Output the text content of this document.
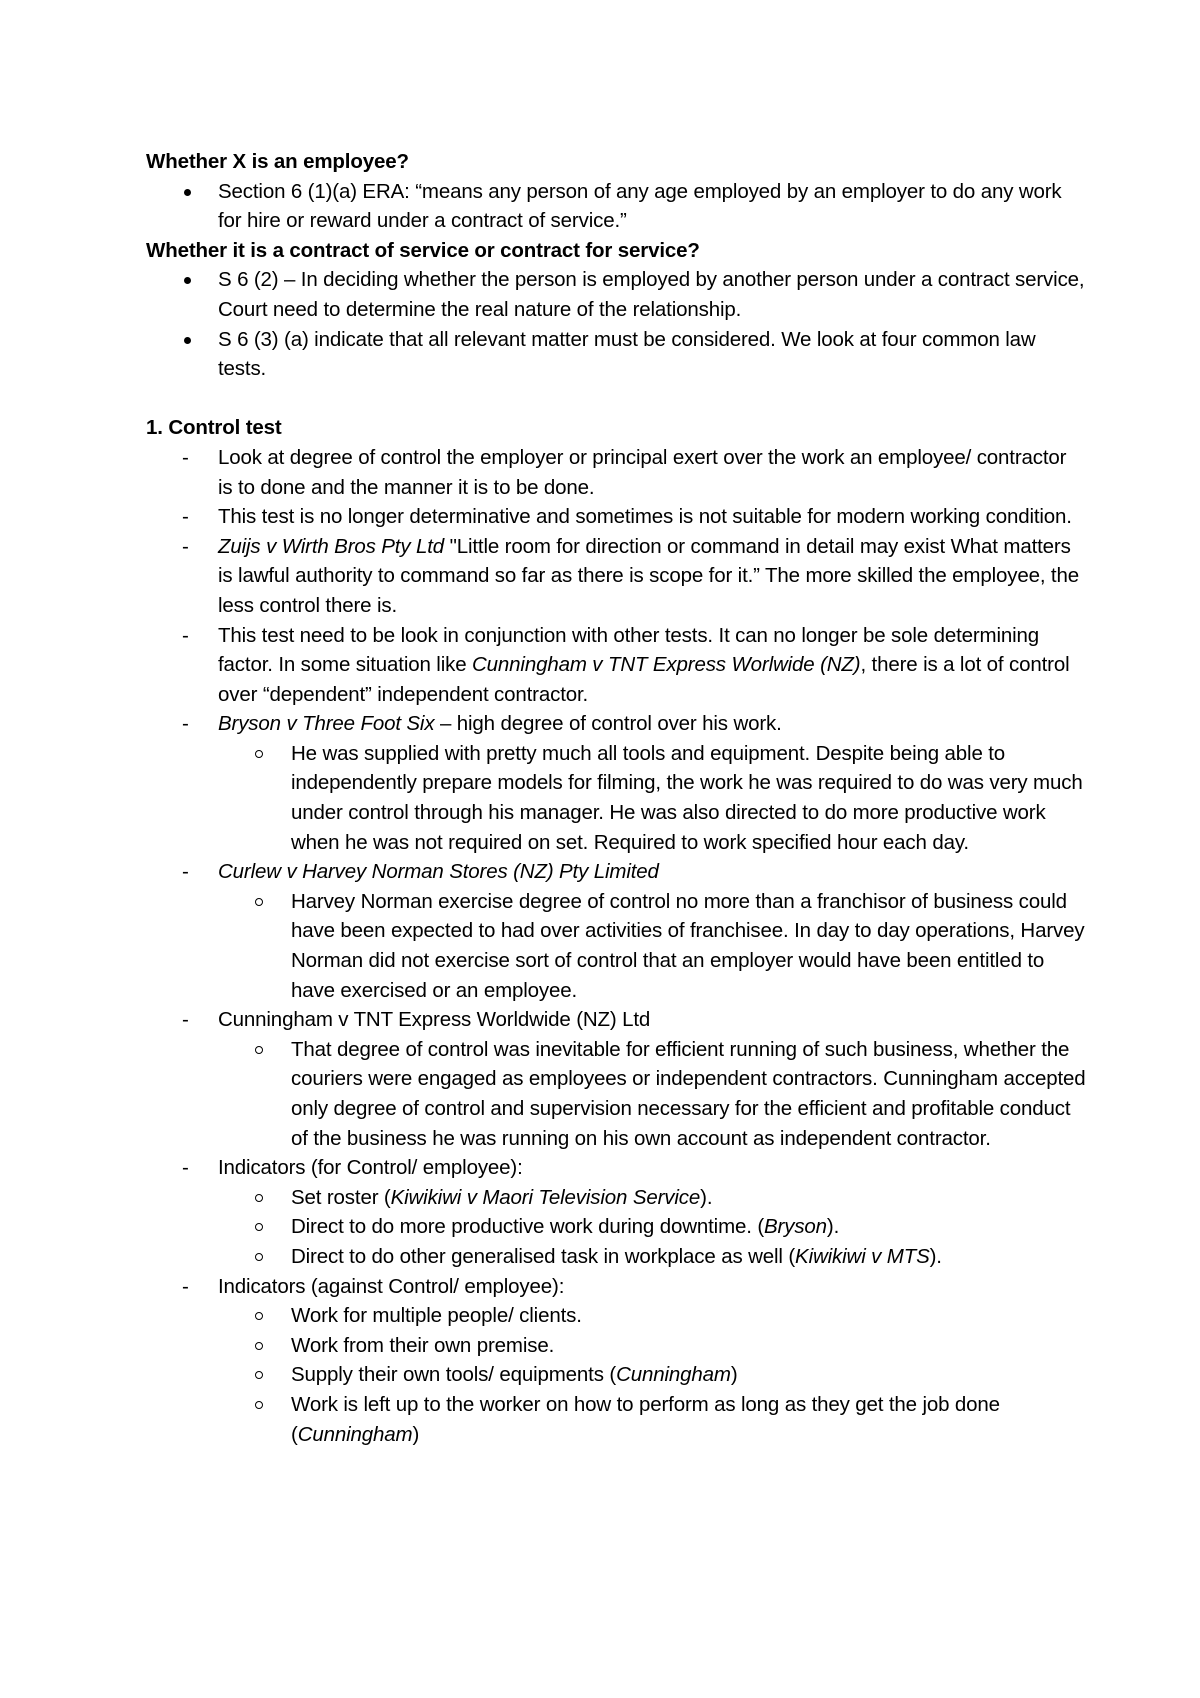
Whether X is an employee?

Section 6 (1)(a) ERA: “means any person of any age employed by an employer to do any work for hire or reward under a contract of service.”

Whether it is a contract of service or contract for service?

S 6 (2) – In deciding whether the person is employed by another person under a contract service, Court need to determine the real nature of the relationship.
S 6 (3) (a) indicate that all relevant matter must be considered. We look at four common law tests.

1. Control test

- Look at degree of control the employer or principal exert over the work an employee/ contractor is to done and the manner it is to be done.
- This test is no longer determinative and sometimes is not suitable for modern working condition.
- Zuijs v Wirth Bros Pty Ltd "Little room for direction or command in detail may exist What matters is lawful authority to command so far as there is scope for it.” The more skilled the employee, the less control there is.
- This test need to be look in conjunction with other tests. It can no longer be sole determining factor. In some situation like Cunningham v TNT Express Worlwide (NZ), there is a lot of control over “dependent” independent contractor.
- Bryson v Three Foot Six – high degree of control over his work.
He was supplied with pretty much all tools and equipment. Despite being able to independently prepare models for filming, the work he was required to do was very much under control through his manager. He was also directed to do more productive work when he was not required on set. Required to work specified hour each day.
- Curlew v Harvey Norman Stores (NZ) Pty Limited
Harvey Norman exercise degree of control no more than a franchisor of business could have been expected to had over activities of franchisee. In day to day operations, Harvey Norman did not exercise sort of control that an employer would have been entitled to have exercised or an employee.
- Cunningham v TNT Express Worldwide (NZ) Ltd
That degree of control was inevitable for efficient running of such business, whether the couriers were engaged as employees or independent contractors. Cunningham accepted only degree of control and supervision necessary for the efficient and profitable conduct of the business he was running on his own account as independent contractor.
- Indicators (for Control/ employee):
Set roster (Kiwikiwi v Maori Television Service).
Direct to do more productive work during downtime. (Bryson).
Direct to do other generalised task in workplace as well (Kiwikiwi v MTS).
- Indicators (against Control/ employee):
Work for multiple people/ clients.
Work from their own premise.
Supply their own tools/ equipments (Cunningham)
Work is left up to the worker on how to perform as long as they get the job done (Cunningham)
